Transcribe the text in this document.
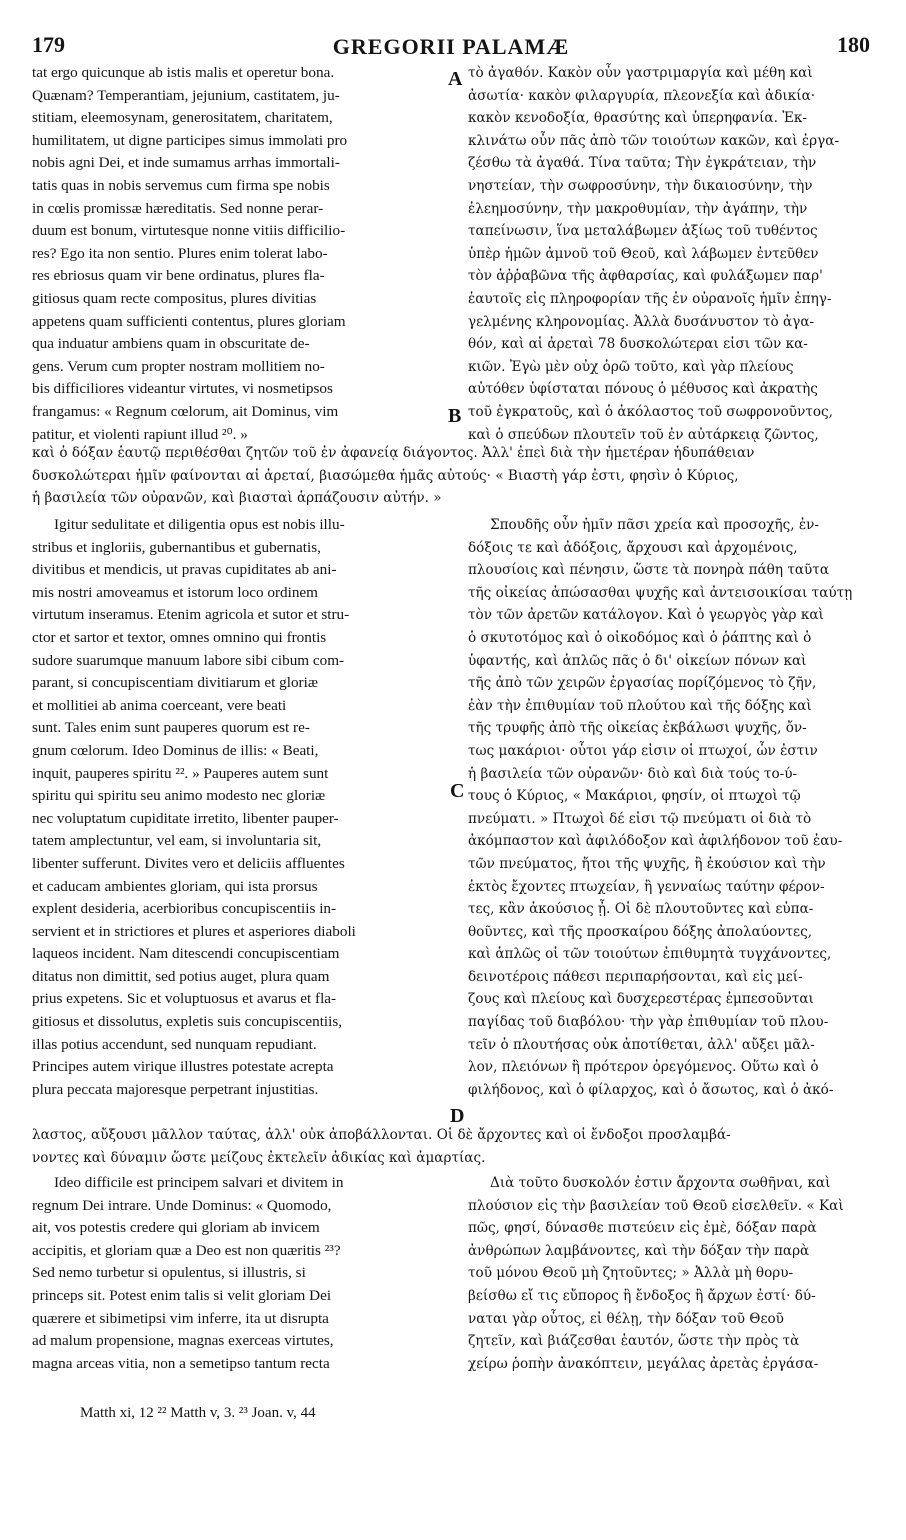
179	GREGORII PALAMÆ	180
A
B
C
D
tat ergo quicunque ab istis malis et operetur bona.
Quænam? Temperantiam, jejunium, castitatem, ju-
stitiam, eleemosynam, generositatem, charitatem,
humilitatem, ut digne participes simus immolati pro
nobis agni Dei, et inde sumamus arrhas immortali-
tatis quas in nobis servemus cum firma spe nobis
in cœlis promissæ hæreditatis. Sed nonne perar-
duum est bonum, virtutesque nonne vitiis difficilio-
res? Ego ita non sentio. Plures enim tolerat labo-
res ebriosus quam vir bene ordinatus, plures fla-
gitiosus quam recte compositus, plures divitias
appetens quam sufficienti contentus, plures gloriam
qua induatur ambiens quam in obscuritate de-
gens. Verum cum propter nostram mollitiem no-
bis difficiliores videantur virtutes, vi nosmetipsos
frangamus: « Regnum cœlorum, ait Dominus, vim
patitur, et violenti rapiunt illud ²⁰. »
τὸ ἀγαθόν. Κακὸν οὖν γαστριμαργία καὶ μέθη καὶ
ἀσωτία· κακὸν φιλαργυρία, πλεονεξία καὶ ἀδικία·
κακὸν κενοδοξία, θρασύτης καὶ ὑπερηφανία. Ἐκ-
κλινάτω οὖν πᾶς ἀπὸ τῶν τοιούτων κακῶν, καὶ ἐργα-
ζέσθω τὰ ἀγαθά. Τίνα ταῦτα; Τὴν ἐγκράτειαν, τὴν
νηστείαν, τὴν σωφροσύνην, τὴν δικαιοσύνην, τὴν
ἐλεημοσύνην, τὴν μακροθυμίαν, τὴν ἀγάπην, τὴν
ταπείνωσιν, ἵνα μεταλάβωμεν ἀξίως τοῦ τυθέντος
ὑπὲρ ἡμῶν ἀμνοῦ τοῦ Θεοῦ, καὶ λάβωμεν ἐντεῦθεν
τὸν ἀῤῥαβῶνα τῆς ἀφθαρσίας, καὶ φυλάξωμεν παρ'
ἑαυτοῖς εἰς πληροφορίαν τῆς ἐν οὐρανοῖς ἡμῖν ἐπηγ-
γελμένης κληρονομίας. Ἀλλὰ δυσάνυστον τὸ ἀγα-
θόν, καὶ αἱ ἀρεταὶ 78 δυσκολώτεραι εἰσι τῶν κα-
κιῶν. Ἐγὼ μὲν οὐχ ὁρῶ τοῦτο, καὶ γὰρ πλείους
αὐτόθεν ὑφίσταται πόνους ὁ μέθυσος καὶ ἀκρατὴς
τοῦ ἐγκρατοῦς, καὶ ὁ ἀκόλαστος τοῦ σωφρονοῦντος,
καὶ ὁ σπεύδων πλουτεῖν τοῦ ἐν αὐτάρκειᾳ ζῶντος,
καὶ ὁ δόξαν ἑαυτῷ περιθέσθαι ζητῶν τοῦ ἐν ἀφανείᾳ διάγοντος. Ἀλλ' ἐπεὶ διὰ τὴν ἡμετέραν ἡδυπάθειαν
δυσκολώτεραι ἡμῖν φαίνονται αἱ ἀρεταί, βιασώμεθα ἡμᾶς αὐτούς· « Βιαστὴ γάρ ἐστι, φησὶν ὁ Κύριος,
ἡ βασιλεία τῶν οὐρανῶν, καὶ βιασταὶ ἁρπάζουσιν αὐτήν. »
Igitur sedulitate et diligentia opus est nobis illu-
stribus et ingloriis, gubernantibus et gubernatis,
divitibus et mendicis, ut pravas cupiditates ab ani-
mis nostri amoveamus et istorum loco ordinem
virtutum inseramus. Etenim agricola et sutor et stru-
ctor et sartor et textor, omnes omnino qui frontis
sudore suarumque manuum labore sibi cibum com-
parant, si concupiscentiam divitiarum et gloriæ
et mollitiei ab anima coerceant, vere beati
sunt. Tales enim sunt pauperes quorum est re-
gnum cœlorum. Ideo Dominus de illis: « Beati,
inquit, pauperes spiritu ²². » Pauperes autem sunt
spiritu qui spiritu seu animo modesto nec gloriæ
nec voluptatum cupiditate irretito, libenter pauper-
tatem amplectuntur, vel eam, si involuntaria sit,
libenter sufferunt. Divites vero et deliciis affluentes
et caducam ambientes gloriam, qui ista prorsus
explent desideria, acerbioribus concupiscentiis in-
servient et in strictiores et plures et asperiores diaboli
laqueos incident. Nam ditescendi concupiscentiam
ditatus non dimittit, sed potius auget, plura quam
prius expetens. Sic et voluptuosus et avarus et fla-
gitiosus et dissolutus, expletis suis concupiscentiis,
illas potius accendunt, sed nunquam repudiant.
Principes autem virique illustres potestate acrepta
plura peccata majoresque perpetrant injustitias.
Σπουδῆς οὖν ἡμῖν πᾶσι χρεία καὶ προσοχῆς, ἐν-
δόξοις τε καὶ ἀδόξοις, ἄρχουσι καὶ ἀρχομένοις,
πλουσίοις καὶ πένησιν, ὥστε τὰ πονηρὰ πάθη ταῦτα
τῆς οἰκείας ἀπώσασθαι ψυχῆς καὶ ἀντεισοικίσαι ταύτῃ
τὸν τῶν ἀρετῶν κατάλογον. Καὶ ὁ γεωργὸς γὰρ καὶ
ὁ σκυτοτόμος καὶ ὁ οἰκοδόμος καὶ ὁ ῥάπτης καὶ ὁ
ὑφαντής, καὶ ἁπλῶς πᾶς ὁ δι' οἰκείων πόνων καὶ
τῆς ἀπὸ τῶν χειρῶν ἐργασίας πορίζόμενος τὸ ζῆν,
ἐὰν τὴν ἐπιθυμίαν τοῦ πλούτου καὶ τῆς δόξης καὶ
τῆς τρυφῆς ἀπὸ τῆς οἰκείας ἐκβάλωσι ψυχῆς, ὄν-
τως μακάριοι· οὗτοι γάρ εἰσιν οἱ πτωχοί, ὧν ἐστιν
ἡ βασιλεία τῶν οὐρανῶν· διὸ καὶ διὰ τούς το-ύ-
τους ὁ Κύριος, « Μακάριοι, φησίν, οἱ πτωχοὶ τῷ
πνεύματι. » Πτωχοὶ δέ εἰσι τῷ πνεύματι οἱ διὰ τὸ
ἀκόμπαστον καὶ ἀφιλόδοξον καὶ ἀφιλήδονον τοῦ ἑαυ-
τῶν πνεύματος, ἤτοι τῆς ψυχῆς, ἢ ἑκούσιον καὶ τὴν
ἐκτὸς ἔχοντες πτωχείαν, ἢ γενναίως ταύτην φέρον-
τες, κἂν ἀκούσιος ᾖ. Οἱ δὲ πλουτοῦντες καὶ εὐπα-
θοῦντες, καὶ τῆς προσκαίρου δόξης ἀπολαύοντες,
καὶ ἁπλῶς οἱ τῶν τοιούτων ἐπιθυμητὰ τυγχάνοντες,
δεινοτέροις πάθεσι περιπαρήσονται, καὶ εἰς μεί-
ζους καὶ πλείους καὶ δυσχερεστέρας ἐμπεσοῦνται
παγίδας τοῦ διαβόλου· τὴν γὰρ ἐπιθυμίαν τοῦ πλου-
τεῖν ὁ πλουτήσας οὐκ ἀποτίθεται, ἀλλ' αὔξει μᾶλ-
λον, πλειόνων ἢ πρότερον ὀρεγόμενος. Οὕτω καὶ ὁ
φιλήδονος, καὶ ὁ φίλαρχος, καὶ ὁ ἄσωτος, καὶ ὁ ἀκό-
λαστος, αὔξουσι μᾶλλον ταύτας, ἀλλ' οὐκ ἀποβάλλονται. Οἱ δὲ ἄρχοντες καὶ οἱ ἔνδοξοι προσλαμβά-
νοντες καὶ δύναμιν ὥστε μείζους ἐκτελεῖν ἀδικίας καὶ ἁμαρτίας.
Ideo difficile est principem salvari et divitem in
regnum Dei intrare. Unde Dominus: « Quomodo,
ait, vos potestis credere qui gloriam ab invicem
accipitis, et gloriam quæ a Deo est non quæritis ²³?
Sed nemo turbetur si opulentus, si illustris, si
princeps sit. Potest enim talis si velit gloriam Dei
quærere et sibimetipsi vim inferre, ita ut disrupta
ad malum propensione, magnas exerceas virtutes,
magna arceas vitia, non a semetipso tantum recta
Διὰ τοῦτο δυσκολόν ἐστιν ἄρχοντα σωθῆναι, καὶ
πλούσιον εἰς τὴν βασιλείαν τοῦ Θεοῦ εἰσελθεῖν. « Καὶ
πῶς, φησί, δύνασθε πιστεύειν εἰς ἐμὲ, δόξαν παρὰ
ἀνθρώπων λαμβάνοντες, καὶ τὴν δόξαν τὴν παρὰ
τοῦ μόνου Θεοῦ μὴ ζητοῦντες; » Ἀλλὰ μὴ θορυ-
βείσθω εἴ τις εὔπορος ἢ ἔνδοξος ἢ ἄρχων ἐστί· δύ-
ναται γὰρ οὗτος, εἰ θέλῃ, τὴν δόξαν τοῦ Θεοῦ
ζητεῖν, καὶ βιάζεσθαι ἑαυτόν, ὥστε τὴν πρὸς τὰ
χείρω ῥοπὴν ἀνακόπτειν, μεγάλας ἀρετὰς ἐργάσα-
Matth xi, 12 ²² Matth v, 3. ²³ Joan. v, 44
